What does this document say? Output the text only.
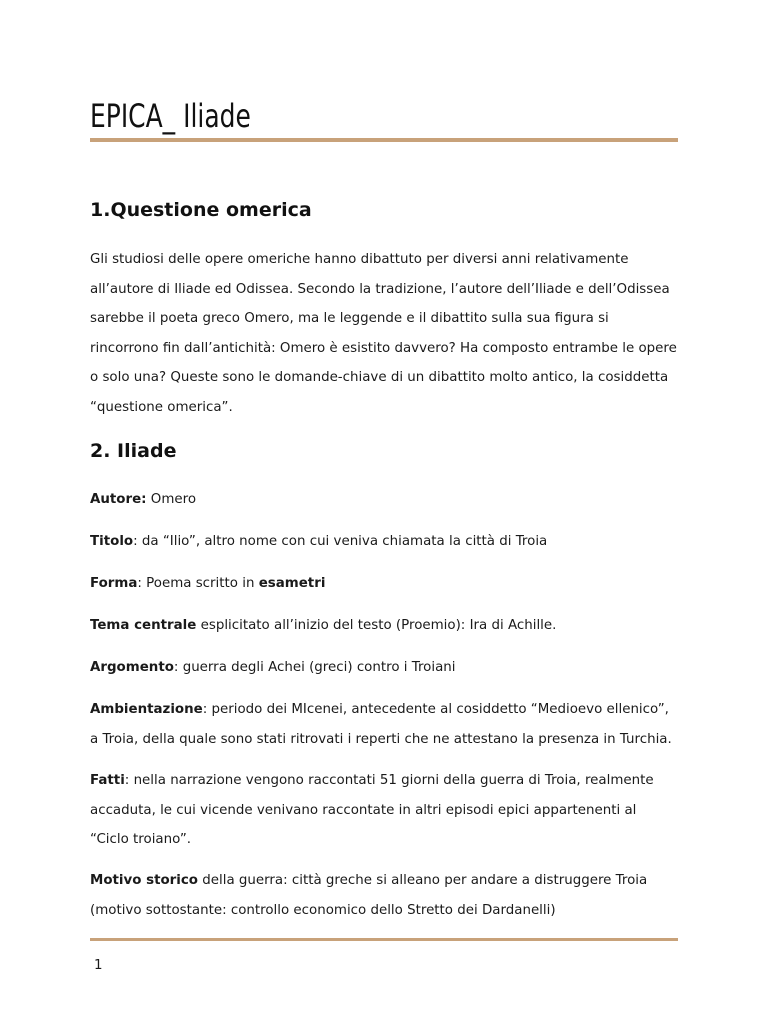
EPICA_ Iliade
1.Questione omerica

Gli studiosi delle opere omeriche hanno dibattuto per diversi anni relativamente all’autore di Iliade ed Odissea. Secondo la tradizione, l’autore dell’Iliade e dell’Odissea sarebbe il poeta greco Omero, ma le leggende e il dibattito sulla sua figura si rincorrono fin dall’antichità: Omero è esistito davvero? Ha composto entrambe le opere o solo una? Queste sono le domande-chiave di un dibattito molto antico, la cosiddetta “questione omerica”.

2. Iliade

Autore: Omero

Titolo: da “Ilio”, altro nome con cui veniva chiamata la città di Troia

Forma: Poema scritto in esametri

Tema centrale esplicitato all’inizio del testo (Proemio): Ira di Achille.

Argomento: guerra degli Achei (greci) contro i Troiani

Ambientazione: periodo dei MIcenei, antecedente al cosiddetto “Medioevo ellenico”, a Troia, della quale sono stati ritrovati i reperti che ne attestano la presenza in Turchia.

Fatti: nella narrazione vengono raccontati 51 giorni della guerra di Troia, realmente accaduta, le cui vicende venivano raccontate in altri episodi epici appartenenti al “Ciclo troiano”.

Motivo storico della guerra: città greche si alleano per andare a distruggere Troia (motivo sottostante: controllo economico dello Stretto dei Dardanelli)

1
